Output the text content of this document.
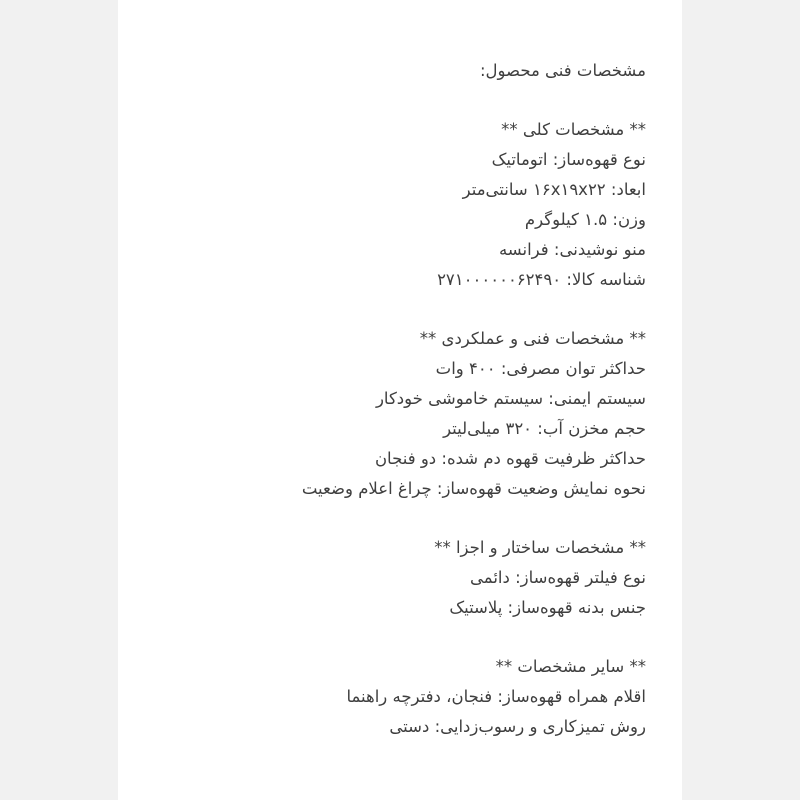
مشخصات فنی محصول:
** مشخصات کلی **
نوع قهوه‌ساز: اتوماتیک
ابعاد: ۱۶x۱۹x۲۲ سانتی‌متر
وزن: ۱.۵ کیلوگرم
منو نوشیدنی: فرانسه
شناسه کالا: ۲۷۱۰۰۰۰۰۰۶۲۴۹۰
** مشخصات فنی و عملکردی **
حداکثر توان مصرفی: ۴۰۰ وات
سیستم ایمنی: سیستم خاموشی خودکار
حجم مخزن آب: ۳۲۰ میلی‌لیتر
حداکثر ظرفیت قهوه دم شده: دو فنجان
نحوه نمایش وضعیت قهوه‌ساز: چراغ اعلام وضعیت
** مشخصات ساختار و اجزا **
نوع فیلتر قهوه‌ساز: دائمی
جنس بدنه قهوه‌ساز: پلاستیک
** سایر مشخصات **
اقلام همراه قهوه‌ساز: فنجان، دفترچه راهنما
روش تمیزکاری و رسوب‌زدایی: دستی
